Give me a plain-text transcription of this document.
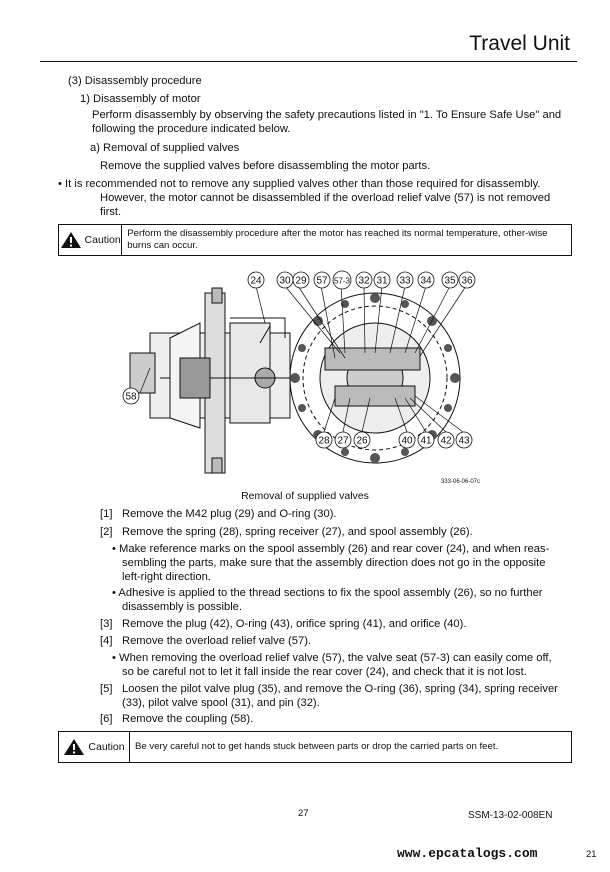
Travel Unit
(3) Disassembly procedure
1) Disassembly of motor
Perform disassembly by observing the safety precautions listed in "1. To Ensure Safe Use" and
following the procedure indicated below.
a) Removal of supplied valves
Remove the supplied valves before disassembling the motor parts.
• It is recommended not to remove any supplied valves other than those required for disassembly.
However, the motor cannot be disassembled if the overload relief valve (57) is not removed
first.
Caution
Perform the disassembly procedure after the motor has reached its normal temperature, other-wise burns can occur.
24 30 29 57 57-3 32 31 33 34 35 36
28 27 26	40 41 42 43
58
333-06-06-07c
Removal of supplied valves
[1] Remove the M42 plug (29) and O-ring (30).
[2] Remove the spring (28), spring receiver (27), and spool assembly (26).
• Make reference marks on the spool assembly (26) and rear cover (24), and when reas-
sembling the parts, make sure that the assembly direction does not go in the opposite
left-right direction.
• Adhesive is applied to the thread sections to fix the spool assembly (26), so no further
disassembly is possible.
[3] Remove the plug (42), O-ring (43), orifice spring (41), and orifice (40).
[4] Remove the overload relief valve (57).
• When removing the overload relief valve (57), the valve seat (57-3) can easily come off,
so be careful not to let it fall inside the rear cover (24), and check that it is not lost.
[5] Loosen the pilot valve plug (35), and remove the O-ring (36), spring (34), spring receiver
(33), pilot valve spool (31), and pin (32).
[6] Remove the coupling (58).
Caution	Be very careful not to get hands stuck between parts or drop the carried parts on feet.
27	SSM-13-02-008EN
www.epcatalogs.com	21
